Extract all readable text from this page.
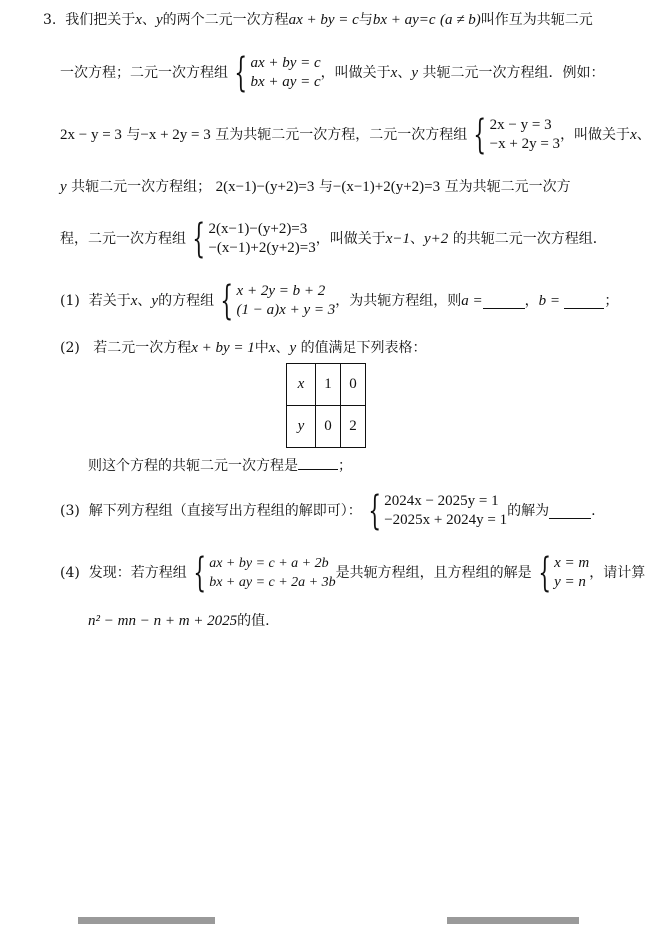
3. 我们把关于x、y的两个二元一次方程ax + by = c与bx + ay=c (a ≠ b)叫作互为共轭二元
一次方程；二元一次方程组 { ax + by = c
bx + ay = c
，叫做关于 x 、 y
共轭二元一次方程组．例如：
2x − y = 3
与 −x + 2y = 3
互为共轭二元一次方程，二元一次方程组 { 2x − y = 3
−x + 2y = 3
，叫做关于 x 、
y 共轭二元一次方程组； 2(x−1)−(y+2)=3 与−(x−1)+2(y+2)=3 互为共轭二元一次方
程，二元一次方程组 { 2(x−1)−(y+2)=3
−(x−1)+2(y+2)=3
，叫做关于 x−1 、 y+2
的共轭二元一次方程组．
(1)
若关于 x 、 y 的方程组 { x + 2y = b + 2
(1 − a)x + y = 3
，为共轭方程组，则 a =	， b =
	；
(2) 若二元一次方程x + by = 1中x、y 的值满足下列表格：
x	1	0
y	0	2
则这个方程的共轭二元一次方程是	；
(3)
解下列方程组（直接写出方程组的解即可）： { 2024x − 2025y = 1
−2025x + 2024y = 1
的解为	.
(4)
发现：若方程组 { ax + by = c + a + 2b
bx + ay = c + 2a + 3b
是共轭方程组，且方程组的解是 { x = m
y = n
，请计算
n² − mn − n + m + 2025的值.
